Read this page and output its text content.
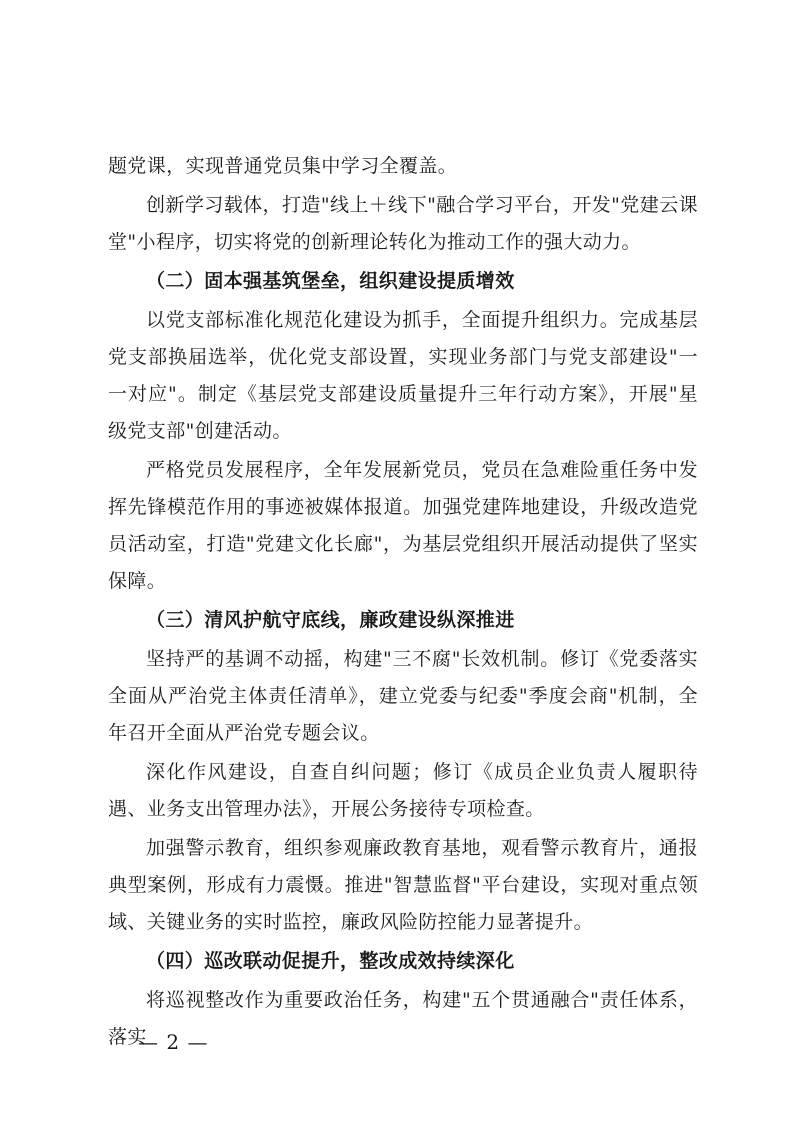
题党课，实现普通党员集中学习全覆盖。

创新学习载体，打造"线上＋线下"融合学习平台，开发"党建云课堂"小程序，切实将党的创新理论转化为推动工作的强大动力。

（二）固本强基筑堡垒，组织建设提质增效

以党支部标准化规范化建设为抓手，全面提升组织力。完成基层党支部换届选举，优化党支部设置，实现业务部门与党支部建设"一一对应"。制定《基层党支部建设质量提升三年行动方案》，开展"星级党支部"创建活动。

严格党员发展程序，全年发展新党员，党员在急难险重任务中发挥先锋模范作用的事迹被媒体报道。加强党建阵地建设，升级改造党员活动室，打造"党建文化长廊"，为基层党组织开展活动提供了坚实保障。

（三）清风护航守底线，廉政建设纵深推进

坚持严的基调不动摇，构建"三不腐"长效机制。修订《党委落实全面从严治党主体责任清单》，建立党委与纪委"季度会商"机制，全年召开全面从严治党专题会议。

深化作风建设，自查自纠问题；修订《成员企业负责人履职待遇、业务支出管理办法》，开展公务接待专项检查。

加强警示教育，组织参观廉政教育基地，观看警示教育片，通报典型案例，形成有力震慑。推进"智慧监督"平台建设，实现对重点领域、关键业务的实时监控，廉政风险防控能力显著提升。

（四）巡改联动促提升，整改成效持续深化

将巡视整改作为重要政治任务，构建"五个贯通融合"责任体系，落实

— 2 —
